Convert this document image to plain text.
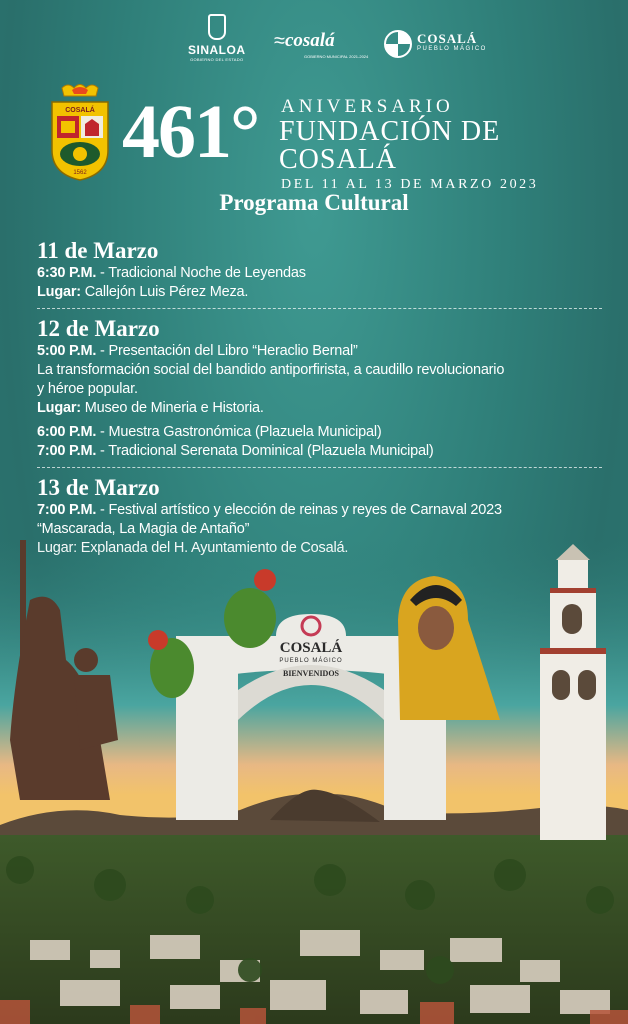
SINALOA
GOBIERNO DEL ESTADO
≈ cosalá
GOBIERNO MUNICIPAL 2021-2024
COSALÁ
PUEBLO MÁGICO
COSALÁ
1562 461° ANIVERSARIO
FUNDACIÓN DE COSALÁ
DEL 11 AL 13 DE MARZO 2023
Programa Cultural
11 de Marzo
6:30 P.M. - Tradicional Noche de Leyendas
Lugar: Callejón Luis Pérez Meza.
12 de Marzo
5:00 P.M. - Presentación del Libro “Heraclio Bernal”
La transformación social del bandido antiporfirista, a caudillo revolucionario
y héroe popular.
Lugar: Museo de Mineria e Historia.
6:00 P.M. - Muestra Gastronómica (Plazuela Municipal)
7:00 P.M. - Tradicional Serenata Dominical (Plazuela Municipal)
13 de Marzo
7:00 P.M. - Festival artístico y elección de reinas y reyes de Carnaval 2023
“Mascarada, La Magia de Antaño”
COSALÁ
PUEBLO MÁGICO
BIENVENIDOS
